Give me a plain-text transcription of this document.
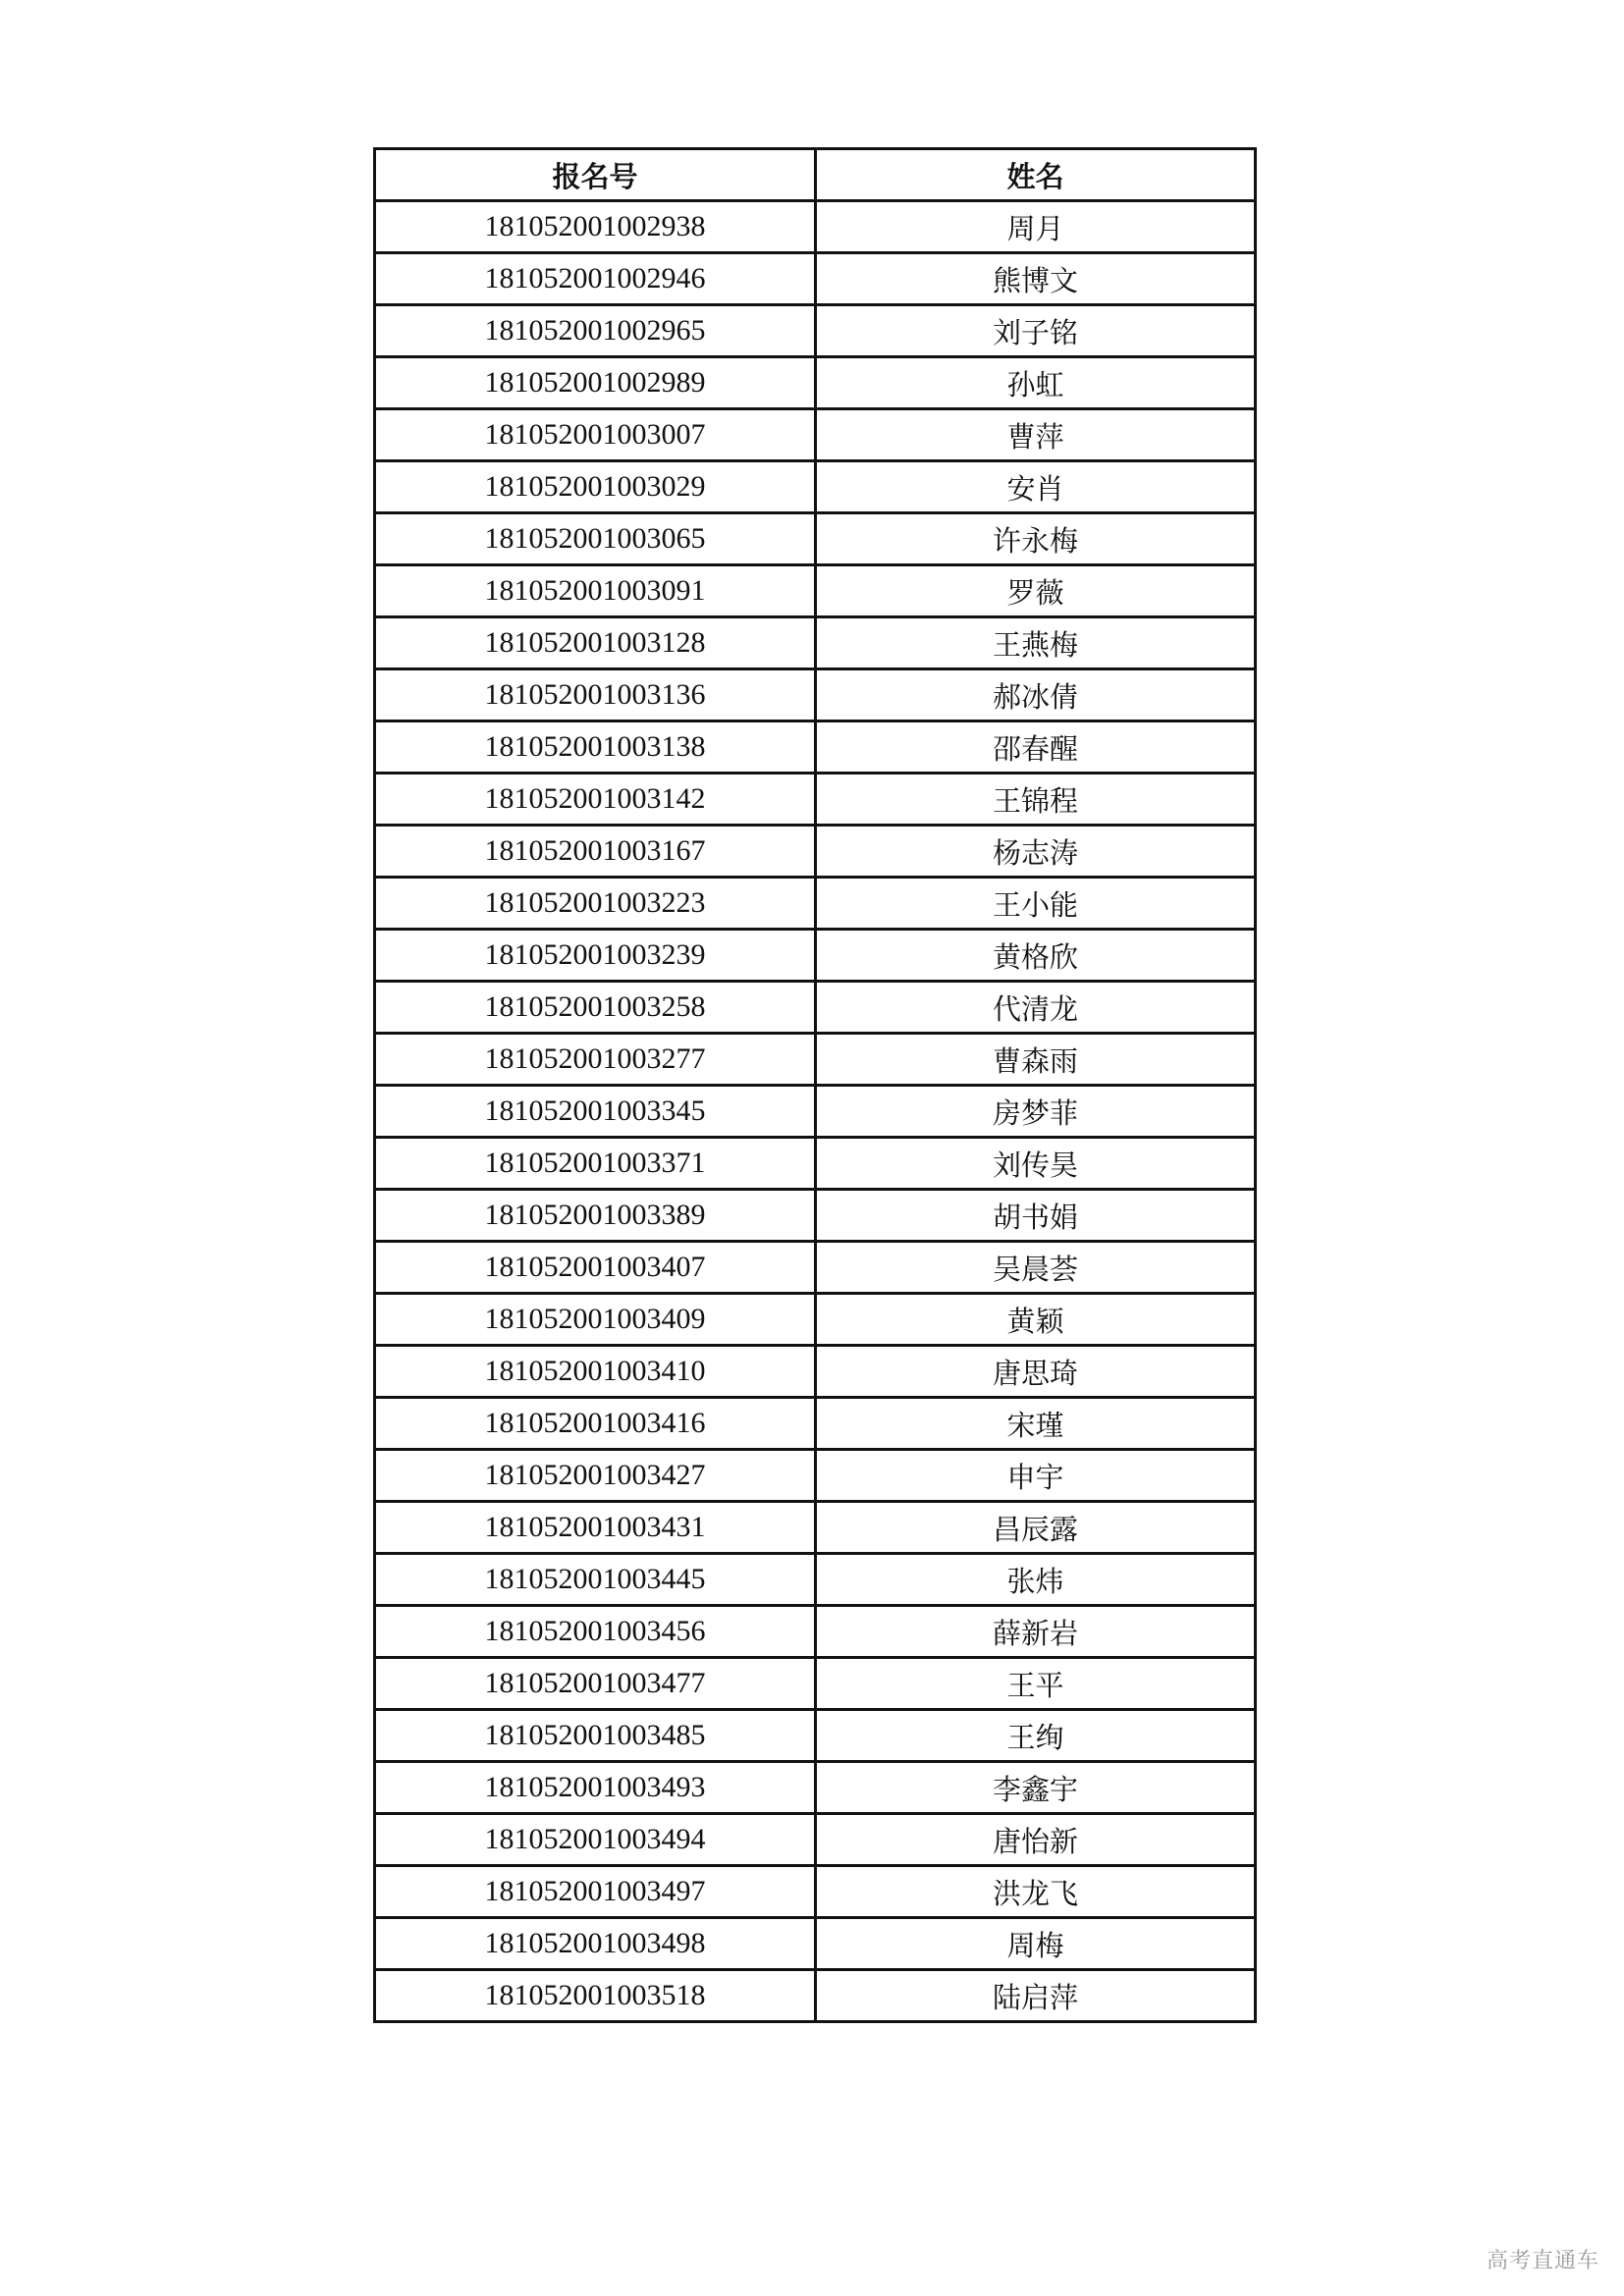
报名号	姓名
181052001002938	周月
181052001002946	熊博文
181052001002965	刘子铭
181052001002989	孙虹
181052001003007	曹萍
181052001003029	安肖
181052001003065	许永梅
181052001003091	罗薇
181052001003128	王燕梅
181052001003136	郝冰倩
181052001003138	邵春醒
181052001003142	王锦程
181052001003167	杨志涛
181052001003223	王小能
181052001003239	黄格欣
181052001003258	代清龙
181052001003277	曹森雨
181052001003345	房梦菲
181052001003371	刘传昊
181052001003389	胡书娟
181052001003407	吴晨荟
181052001003409	黄颖
181052001003410	唐思琦
181052001003416	宋瑾
181052001003427	申宇
181052001003431	昌辰露
181052001003445	张炜
181052001003456	薛新岩
181052001003477	王平
181052001003485	王绚
181052001003493	李鑫宇
181052001003494	唐怡新
181052001003497	洪龙飞
181052001003498	周梅
181052001003518	陆启萍
高考直通车
